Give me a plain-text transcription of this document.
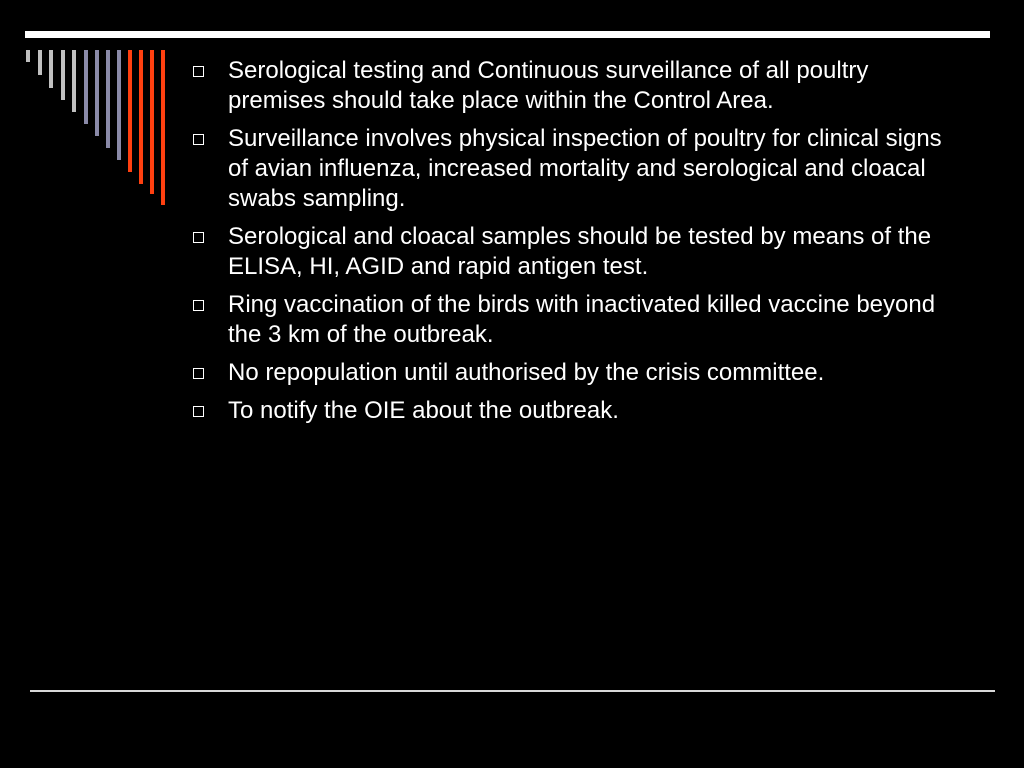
Serological testing and Continuous surveillance of all poultry premises should take place within the Control Area.
Surveillance involves physical inspection of poultry for clinical signs of avian influenza, increased mortality and serological and cloacal swabs sampling.
Serological and cloacal samples should be tested by means of the ELISA, HI, AGID and rapid antigen test.
Ring vaccination of the birds with inactivated killed vaccine beyond the 3 km of the outbreak.
No repopulation until authorised by the crisis committee.
To notify the OIE about the outbreak.
